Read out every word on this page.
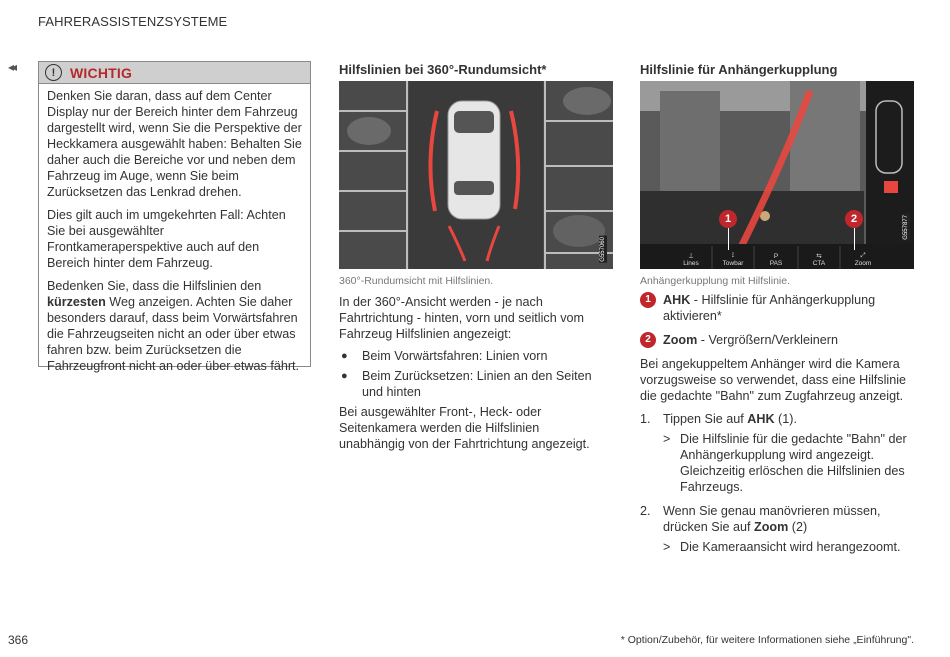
FAHRERASSISTENZSYSTEME
◂◂	!	WICHTIG

Denken Sie daran, dass auf dem Center Display nur der Bereich hinter dem Fahrzeug dargestellt wird, wenn Sie die Perspektive der Heckkamera ausgewählt haben: Behalten Sie daher auch die Bereiche vor und neben dem Fahrzeug im Auge, wenn Sie beim Zurücksetzen das Lenkrad drehen.

Dies gilt auch im umgekehrten Fall: Achten Sie bei ausgewählter Frontkameraperspektive auch auf den Bereich hinter dem Fahrzeug.

Bedenken Sie, dass die Hilfslinien den kürzesten Weg anzeigen. Achten Sie daher besonders darauf, dass beim Vorwärtsfahren die Fahrzeugseiten nicht an oder über etwas fahren bzw. beim Zurücksetzen die Fahrzeugfront nicht an oder über etwas fährt.

Hilfslinien bei 360°-Rundumsicht*
G557060
360°-Rundumsicht mit Hilfslinien.

In der 360°-Ansicht werden - je nach Fahrtrichtung - hinten, vorn und seitlich vom Fahrzeug Hilfslinien angezeigt:

●	Beim Vorwärtsfahren: Linien vorn
●	Beim Zurücksetzen: Linien an den Seiten und hinten

Bei ausgewählter Front-, Heck- oder Seitenkamera werden die Hilfslinien unabhängig von der Fahrtrichtung angezeigt.

Hilfslinie für Anhängerkupplung
⟂
Lines
⟟
Towbar
P
PAS
⇆
CTA
⤢
Zoom
1	2	G557877
Anhängerkupplung mit Hilfslinie.
1 AHK - Hilfslinie für Anhängerkupplung aktivieren*
2 Zoom - Vergrößern/Verkleinern

Bei angekuppeltem Anhänger wird die Kamera vorzugsweise so verwendet, dass eine Hilfslinie die gedachte "Bahn" zum Zugfahrzeug anzeigt.

1. Tippen Sie auf AHK (1).
> Die Hilfslinie für die gedachte "Bahn" der Anhängerkupplung wird angezeigt. Gleichzeitig erlöschen die Hilfslinien des Fahrzeugs.
2. Wenn Sie genau manövrieren müssen, drücken Sie auf Zoom (2)
> Die Kameraansicht wird herangezoomt.
366	* Option/Zubehör, für weitere Informationen siehe „Einführung".
